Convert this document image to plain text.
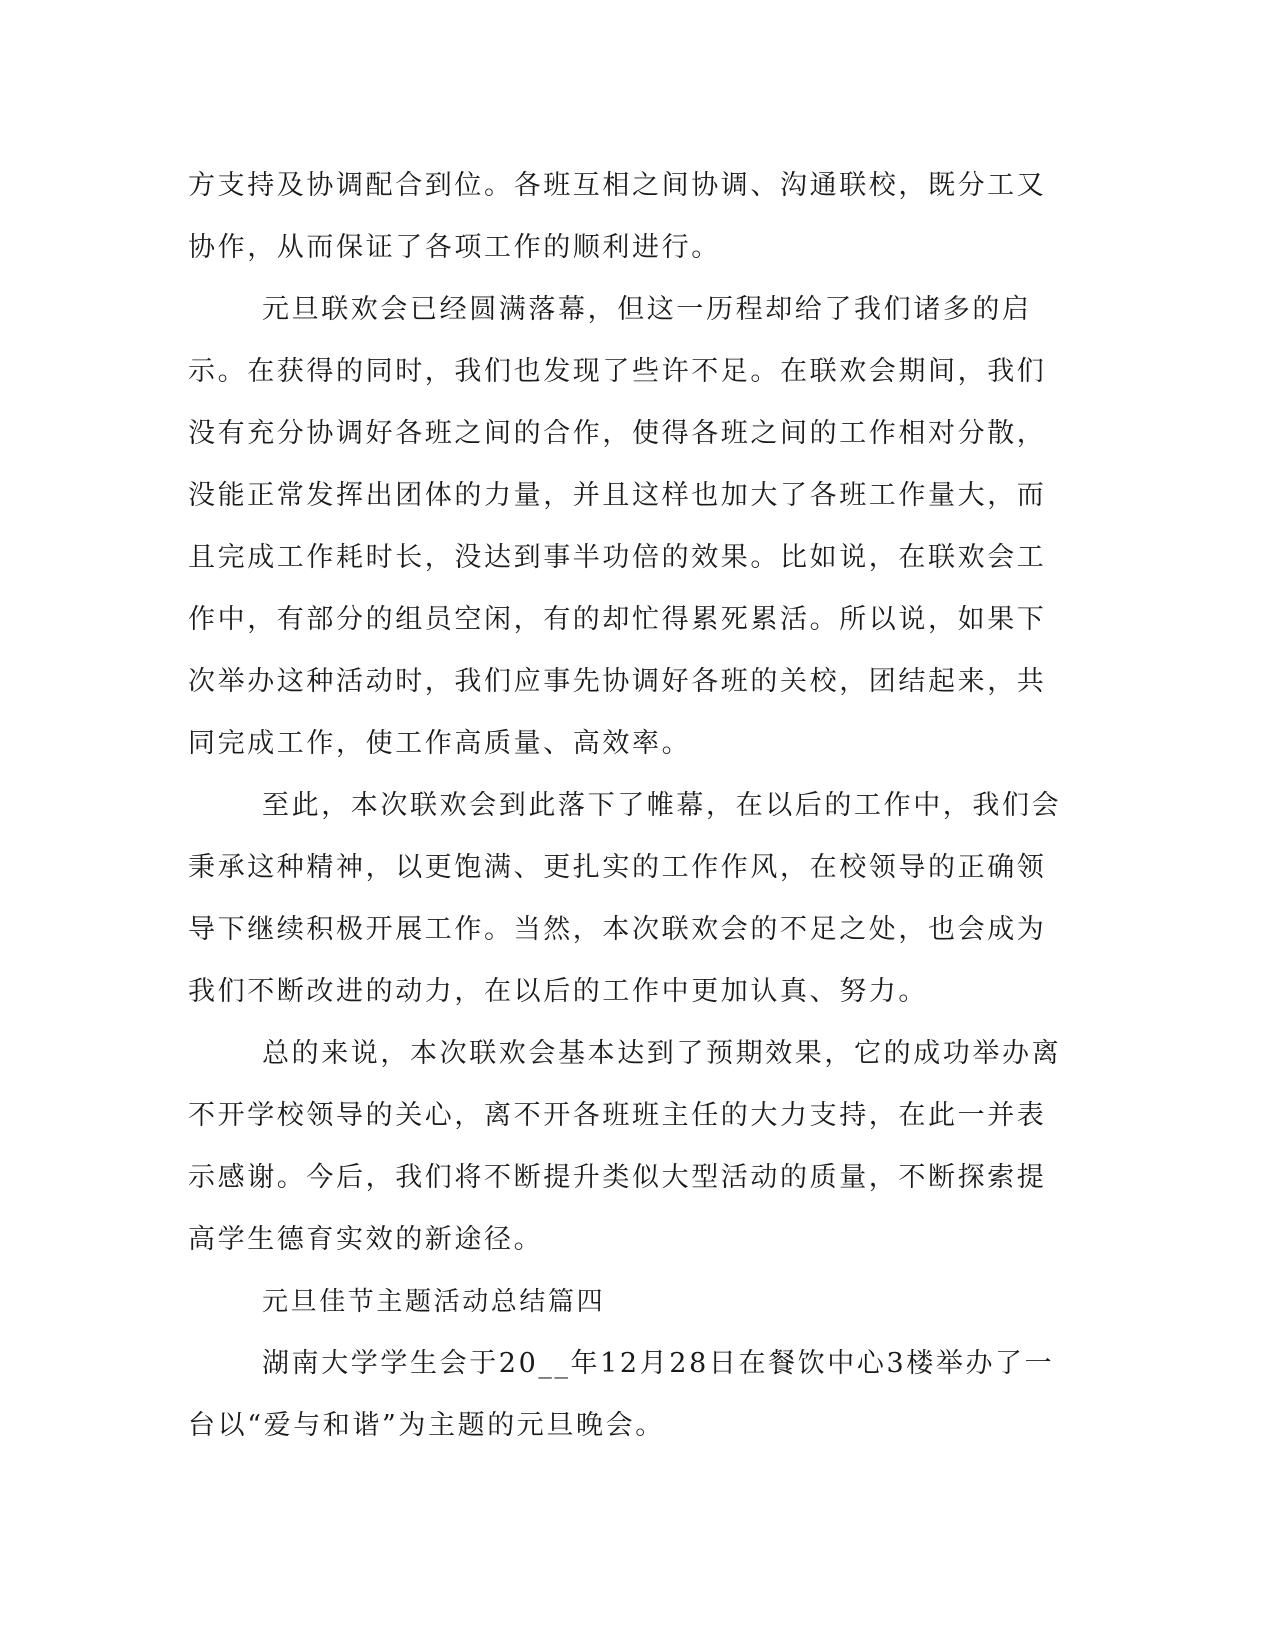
方支持及协调配合到位。各班互相之间协调、沟通联校，既分工又协作，从而保证了各项工作的顺利进行。

元旦联欢会已经圆满落幕，但这一历程却给了我们诸多的启示。在获得的同时，我们也发现了些许不足。在联欢会期间，我们没有充分协调好各班之间的合作，使得各班之间的工作相对分散，没能正常发挥出团体的力量，并且这样也加大了各班工作量大，而且完成工作耗时长，没达到事半功倍的效果。比如说，在联欢会工作中，有部分的组员空闲，有的却忙得累死累活。所以说，如果下次举办这种活动时，我们应事先协调好各班的关校，团结起来，共同完成工作，使工作高质量、高效率。

至此，本次联欢会到此落下了帷幕，在以后的工作中，我们会秉承这种精神，以更饱满、更扎实的工作作风，在校领导的正确领导下继续积极开展工作。当然，本次联欢会的不足之处，也会成为我们不断改进的动力，在以后的工作中更加认真、努力。

总的来说，本次联欢会基本达到了预期效果，它的成功举办离不开学校领导的关心，离不开各班班主任的大力支持，在此一并表示感谢。今后，我们将不断提升类似大型活动的质量，不断探索提高学生德育实效的新途径。

元旦佳节主题活动总结篇四

湖南大学学生会于20__年12月28日在餐饮中心3楼举办了一台以“爱与和谐”为主题的元旦晚会。
